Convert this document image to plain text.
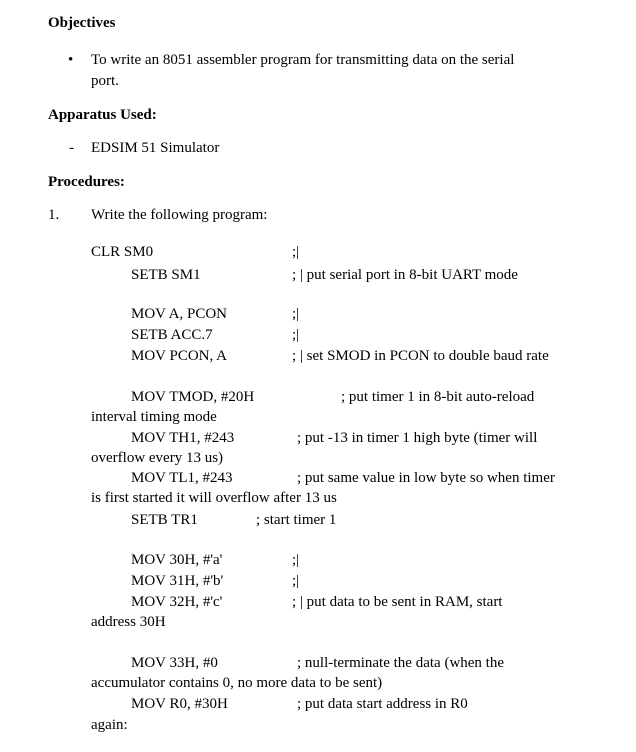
Objectives
• To write an 8051 assembler program for transmitting data on the serial
port.
Apparatus Used:
- EDSIM 51 Simulator
Procedures:
1. Write the following program:
CLR SM0	;|
SETB SM1	; | put serial port in 8-bit UART mode
MOV A, PCON	;|
SETB ACC.7	;|
MOV PCON, A	; | set SMOD in PCON to double baud rate
MOV TMOD, #20H	; put timer 1 in 8-bit auto-reload
interval timing mode
MOV TH1, #243	; put -13 in timer 1 high byte (timer will
overflow every 13 us)
MOV TL1, #243	; put same value in low byte so when timer
is first started it will overflow after 13 us
SETB TR1	; start timer 1
MOV 30H, #'a'	;|
MOV 31H, #'b'	;|
MOV 32H, #'c'	; | put data to be sent in RAM, start
address 30H
MOV 33H, #0	; null-terminate the data (when the
accumulator contains 0, no more data to be sent)
MOV R0, #30H	; put data start address in R0
again:
